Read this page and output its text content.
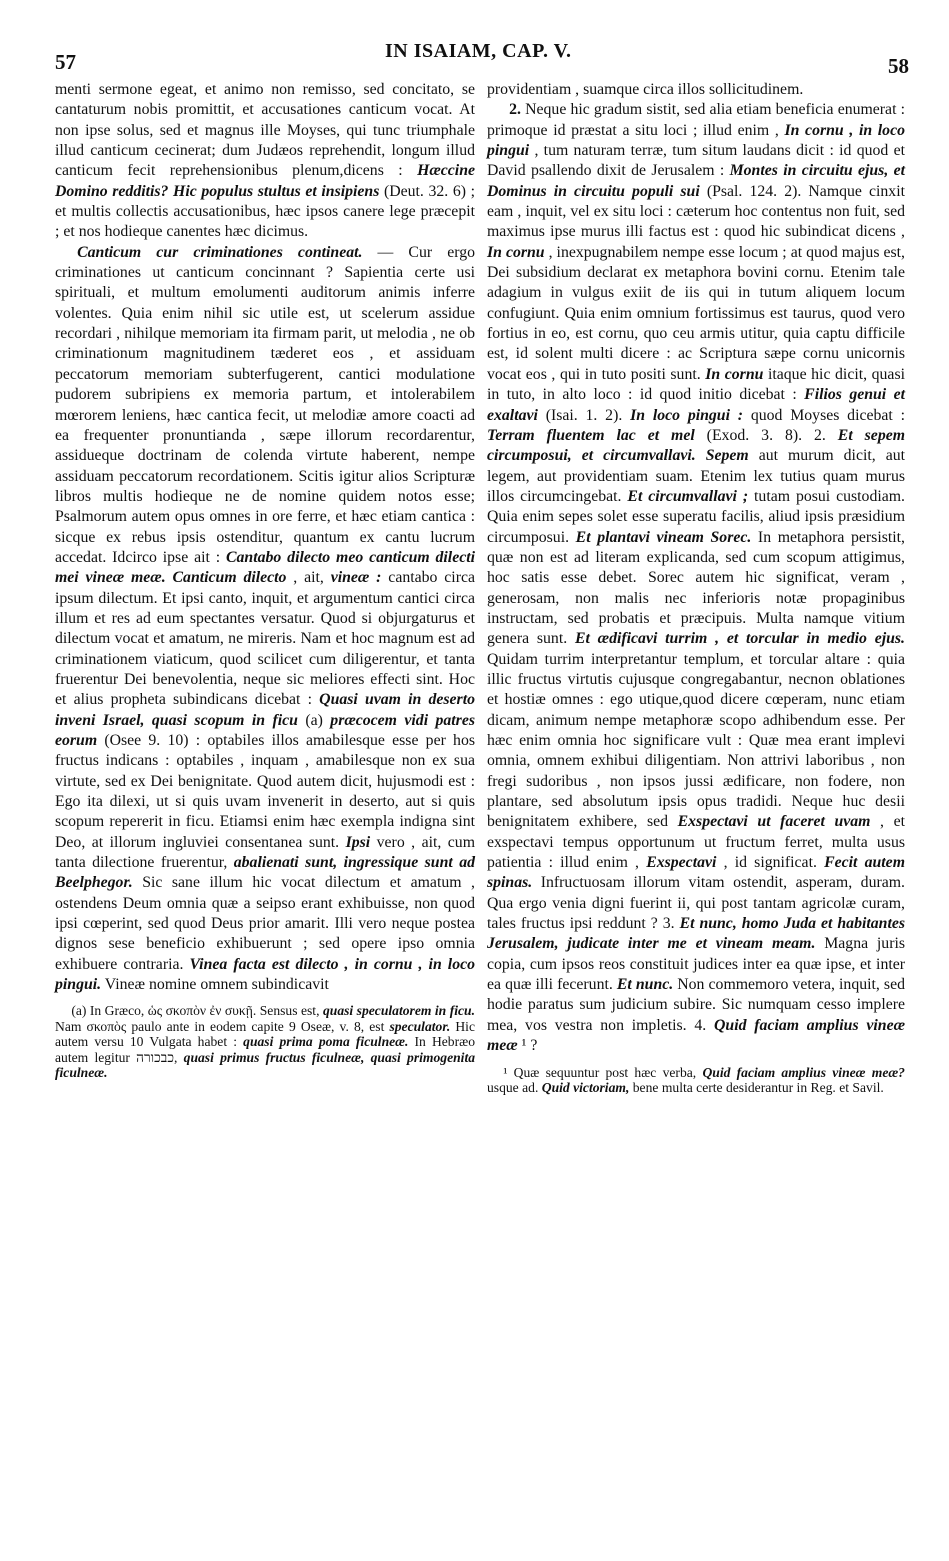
57	IN ISAIAM, CAP. V.
58

menti sermone egeat, et animo non remisso, sed concitato, se cantaturum nobis promittit, et accusationes canticum vocat. At non ipse solus, sed et magnus ille Moyses, qui tunc triumphale illud canticum cecinerat; dum Judæos reprehendit, longum illud canticum fecit reprehensionibus plenum,dicens : Hæccine Domino redditis? Hic populus stultus et insipiens (Deut. 32. 6) ; et multis collectis accusationibus, hæc ipsos canere lege præcepit ; et nos hodieque canentes hæc dicimus.

Canticum cur criminationes contineat. — Cur ergo criminationes ut canticum concinnant ? Sapientia certe usi spirituali, et multum emolumenti auditorum animis inferre volentes. Quia enim nihil sic utile est, ut scelerum assidue recordari , nihilque memoriam ita firmam parit, ut melodia , ne ob criminationum magnitudinem tæderet eos , et assiduam peccatorum memoriam subterfugerent, cantici modulatione pudorem subripiens ex memoria partum, et intolerabilem mœrorem leniens, hæc cantica fecit, ut melodiæ amore coacti ad ea frequenter pronuntianda , sæpe illorum recordarentur, assidueque doctrinam de colenda virtute haberent, nempe assiduam peccatorum recordationem. Scitis igitur alios Scripturæ libros multis hodieque ne de nomine quidem notos esse; Psalmorum autem opus omnes in ore ferre, et hæc etiam cantica : sicque ex rebus ipsis ostenditur, quantum ex cantu lucrum accedat. Idcirco ipse ait : Cantabo dilecto meo canticum dilecti mei vineæ meæ. Canticum dilecto , ait, vineæ : cantabo circa ipsum dilectum. Et ipsi canto, inquit, et argumentum cantici circa illum et res ad eum spectantes versatur. Quod si objurgaturus et dilectum vocat et amatum, ne mireris. Nam et hoc magnum est ad criminationem viaticum, quod scilicet cum diligerentur, et tanta fruerentur Dei benevolentia, neque sic meliores effecti sint. Hoc et alius propheta subindicans dicebat : Quasi uvam in deserto inveni Israel, quasi scopum in ficu (a) præcocem vidi patres eorum (Osee 9. 10) : optabiles illos amabilesque esse per hos fructus indicans : optabiles , inquam , amabilesque non ex sua virtute, sed ex Dei benignitate. Quod autem dicit, hujusmodi est : Ego ita dilexi, ut si quis uvam invenerit in deserto, aut si quis scopum repererit in ficu. Etiamsi enim hæc exempla indigna sint Deo, at illorum ingluviei consentanea sunt. Ipsi vero , ait, cum tanta dilectione fruerentur, abalienati sunt, ingressique sunt ad Beelphegor. Sic sane illum hic vocat dilectum et amatum , ostendens Deum omnia quæ a seipso erant exhibuisse, non quod ipsi cœperint, sed quod Deus prior amarit. Illi vero neque postea dignos sese beneficio exhibuerunt ; sed opere ipso omnia exhibuere contraria. Vinea facta est dilecto , in cornu , in loco pingui. Vineæ nomine omnem subindicavit

(a) In Græco, ὡς σκοπὸν ἐν συκῇ. Sensus est, quasi speculatorem in ficu. Nam σκοπὸς paulo ante in eodem capite 9 Oseæ, v. 8, est speculator. Hic autem versu 10 Vulgata habet : quasi prima poma ficulneæ. In Hebræo autem legitur כבכורה, quasi primus fructus ficulneæ, quasi primogenita ficulneæ.

providentiam , suamque circa illos sollicitudinem.

2. Neque hic gradum sistit, sed alia etiam beneficia enumerat : primoque id præstat a situ loci ; illud enim , In cornu , in loco pingui , tum naturam terræ, tum situm laudans dicit : id quod et David psallendo dixit de Jerusalem : Montes in circuitu ejus, et Dominus in circuitu populi sui (Psal. 124. 2). Namque cinxit eam , inquit, vel ex situ loci : cæterum hoc contentus non fuit, sed maximus ipse murus illi factus est : quod hic subindicat dicens , In cornu , inexpugnabilem nempe esse locum ; at quod majus est, Dei subsidium declarat ex metaphora bovini cornu. Etenim tale adagium in vulgus exiit de iis qui in tutum aliquem locum confugiunt. Quia enim omnium fortissimus est taurus, quod vero fortius in eo, est cornu, quo ceu armis utitur, quia captu difficile est, id solent multi dicere : ac Scriptura sæpe cornu unicornis vocat eos , qui in tuto positi sunt. In cornu itaque hic dicit, quasi in tuto, in alto loco : id quod initio dicebat : Filios genui et exaltavi (Isai. 1. 2). In loco pingui : quod Moyses dicebat : Terram fluentem lac et mel (Exod. 3. 8). 2. Et sepem circumposui, et circumvallavi. Sepem aut murum dicit, aut legem, aut providentiam suam. Etenim lex tutius quam murus illos circumcingebat. Et circumvallavi ; tutam posui custodiam. Quia enim sepes solet esse superatu facilis, aliud ipsis præsidium circumposui. Et plantavi vineam Sorec. In metaphora persistit, quæ non est ad literam explicanda, sed cum scopum attigimus, hoc satis esse debet. Sorec autem hic significat, veram , generosam, non malis nec inferioris notæ propaginibus instructam, sed probatis et præcipuis. Multa namque vitium genera sunt. Et ædificavi turrim , et torcular in medio ejus. Quidam turrim interpretantur templum, et torcular altare : quia illic fructus virtutis cujusque congregabantur, necnon oblationes et hostiæ omnes : ego utique,quod dicere cœperam, nunc etiam dicam, animum nempe metaphoræ scopo adhibendum esse. Per hæc enim omnia hoc significare vult : Quæ mea erant implevi omnia, omnem exhibui diligentiam. Non attrivi laboribus , non fregi sudoribus , non ipsos jussi ædificare, non fodere, non plantare, sed absolutum ipsis opus tradidi. Neque huc desii benignitatem exhibere, sed Exspectavi ut faceret uvam , et exspectavi tempus opportunum ut fructum ferret, multa usus patientia : illud enim , Exspectavi , id significat. Fecit autem spinas. Infructuosam illorum vitam ostendit, asperam, duram. Qua ergo venia digni fuerint ii, qui post tantam agricolæ curam, tales fructus ipsi reddunt ? 3. Et nunc, homo Juda et habitantes Jerusalem, judicate inter me et vineam meam. Magna juris copia, cum ipsos reos constituit judices inter ea quæ ipse, et inter ea quæ illi fecerunt. Et nunc. Non commemoro vetera, inquit, sed hodie paratus sum judicium subire. Sic numquam cesso implere mea, vos vestra non impletis. 4. Quid faciam amplius vineæ meæ ¹ ?

¹ Quæ sequuntur post hæc verba, Quid faciam amplius vineæ meæ? usque ad. Quid victoriam, bene multa certe desiderantur in Reg. et Savil.
